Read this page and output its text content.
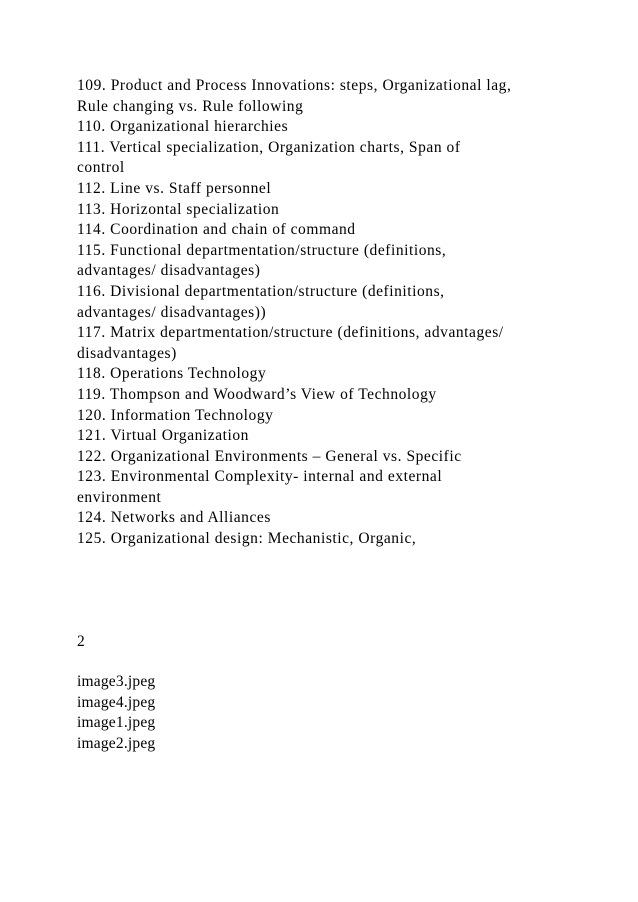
109. Product and Process Innovations: steps, Organizational lag,
Rule changing vs. Rule following
110. Organizational hierarchies
111. Vertical specialization, Organization charts, Span of
control
112. Line vs. Staff personnel
113. Horizontal specialization
114. Coordination and chain of command
115. Functional departmentation/structure (definitions,
advantages/ disadvantages)
116. Divisional departmentation/structure (definitions,
advantages/ disadvantages))
117. Matrix departmentation/structure (definitions, advantages/
disadvantages)
118. Operations Technology
119. Thompson and Woodward’s View of Technology
120. Information Technology
121. Virtual Organization
122. Organizational Environments – General vs. Specific
123. Environmental Complexity- internal and external
environment
124. Networks and Alliances
125. Organizational design: Mechanistic, Organic,
2
image3.jpeg
image4.jpeg
image1.jpeg
image2.jpeg
